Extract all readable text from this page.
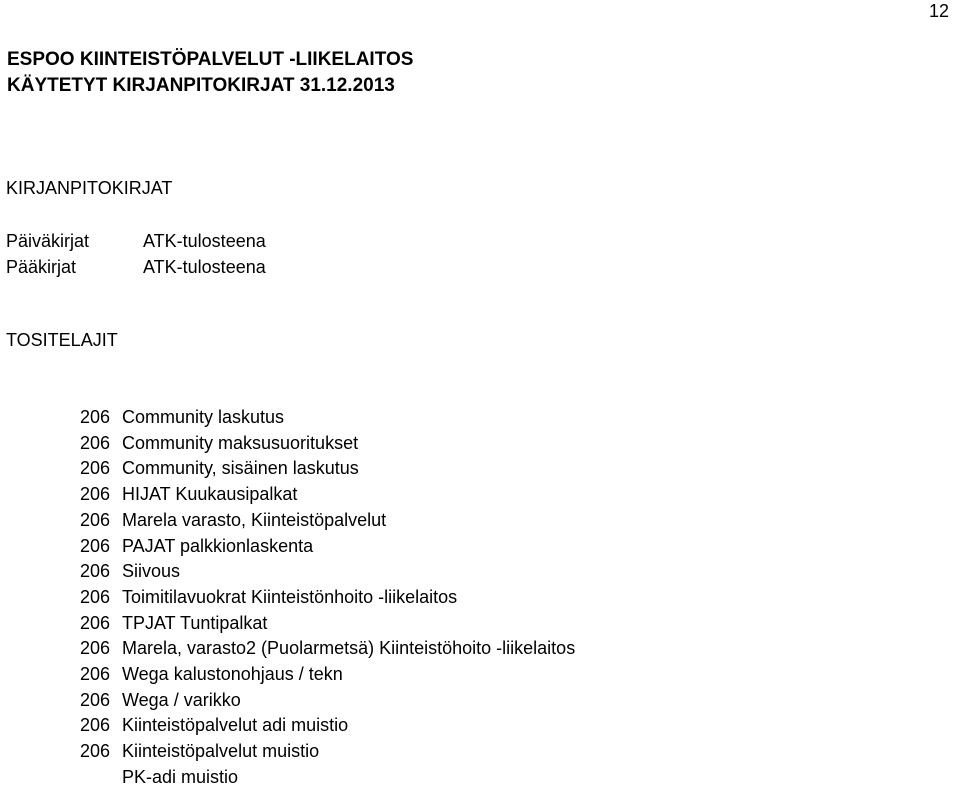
12
ESPOO KIINTEISTÖPALVELUT -LIIKELAITOS
KÄYTETYT KIRJANPITOKIRJAT 31.12.2013
KIRJANPITOKIRJAT
Päiväkirjat	ATK-tulosteena
Pääkirjat	ATK-tulosteena
TOSITELAJIT
206 Community laskutus
206 Community maksusuoritukset
206 Community, sisäinen laskutus
206 HIJAT Kuukausipalkat
206 Marela varasto, Kiinteistöpalvelut
206 PAJAT palkkionlaskenta
206 Siivous
206 Toimitilavuokrat Kiinteistönhoito -liikelaitos
206 TPJAT Tuntipalkat
206 Marela, varasto2 (Puolarmetsä) Kiinteistöhoito -liikelaitos
206 Wega kalustonohjaus / tekn
206 Wega / varikko
206 Kiinteistöpalvelut adi muistio
206 Kiinteistöpalvelut muistio
PK-adi muistio
